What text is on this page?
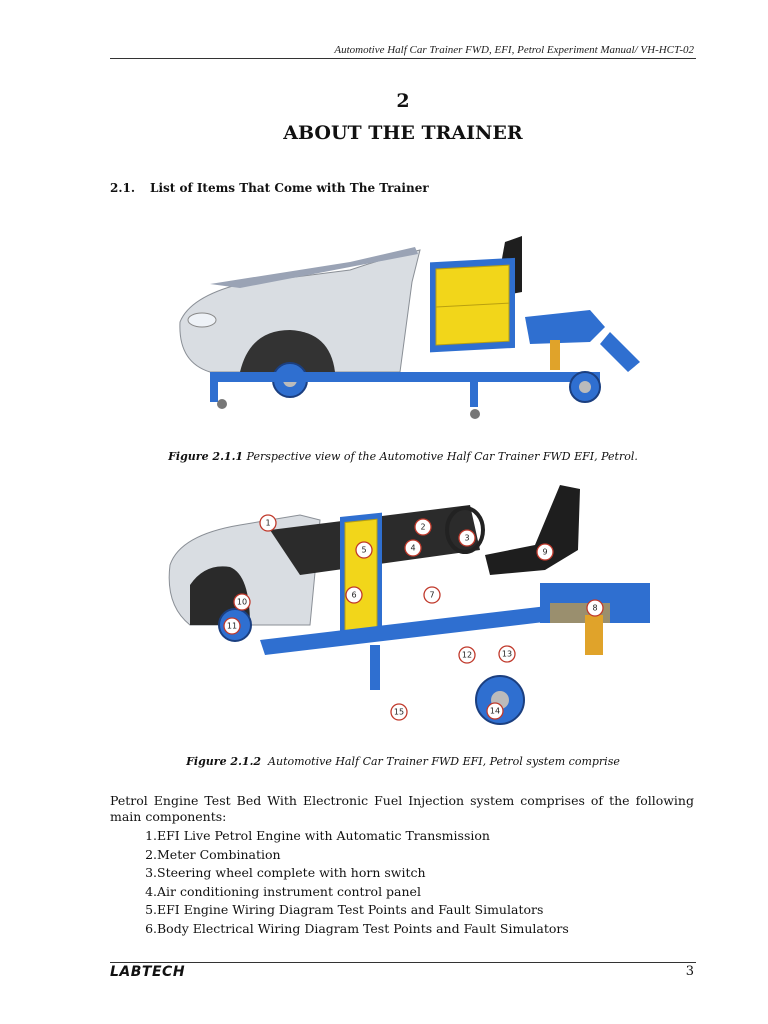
Automotive Half Car Trainer FWD, EFI, Petrol Experiment Manual/ VH-HCT-02
2
ABOUT THE TRAINER
2.1. List of Items That Come with The Trainer
Figure 2.1.1 Perspective view of the Automotive Half Car Trainer FWD EFI, Petrol.
1	2
3
4
5
6	7
8
9
10
11
12	13
14
15
Figure 2.1.2 Automotive Half Car Trainer FWD EFI, Petrol system comprise
Petrol Engine Test Bed With Electronic Fuel Injection system comprises of the following main components:
1. EFI Live Petrol Engine with Automatic Transmission
2. Meter Combination
3. Steering wheel complete with horn switch
4. Air conditioning instrument control panel
5. EFI Engine Wiring Diagram Test Points and Fault Simulators
6. Body Electrical Wiring Diagram Test Points and Fault Simulators
LABTECH	3
